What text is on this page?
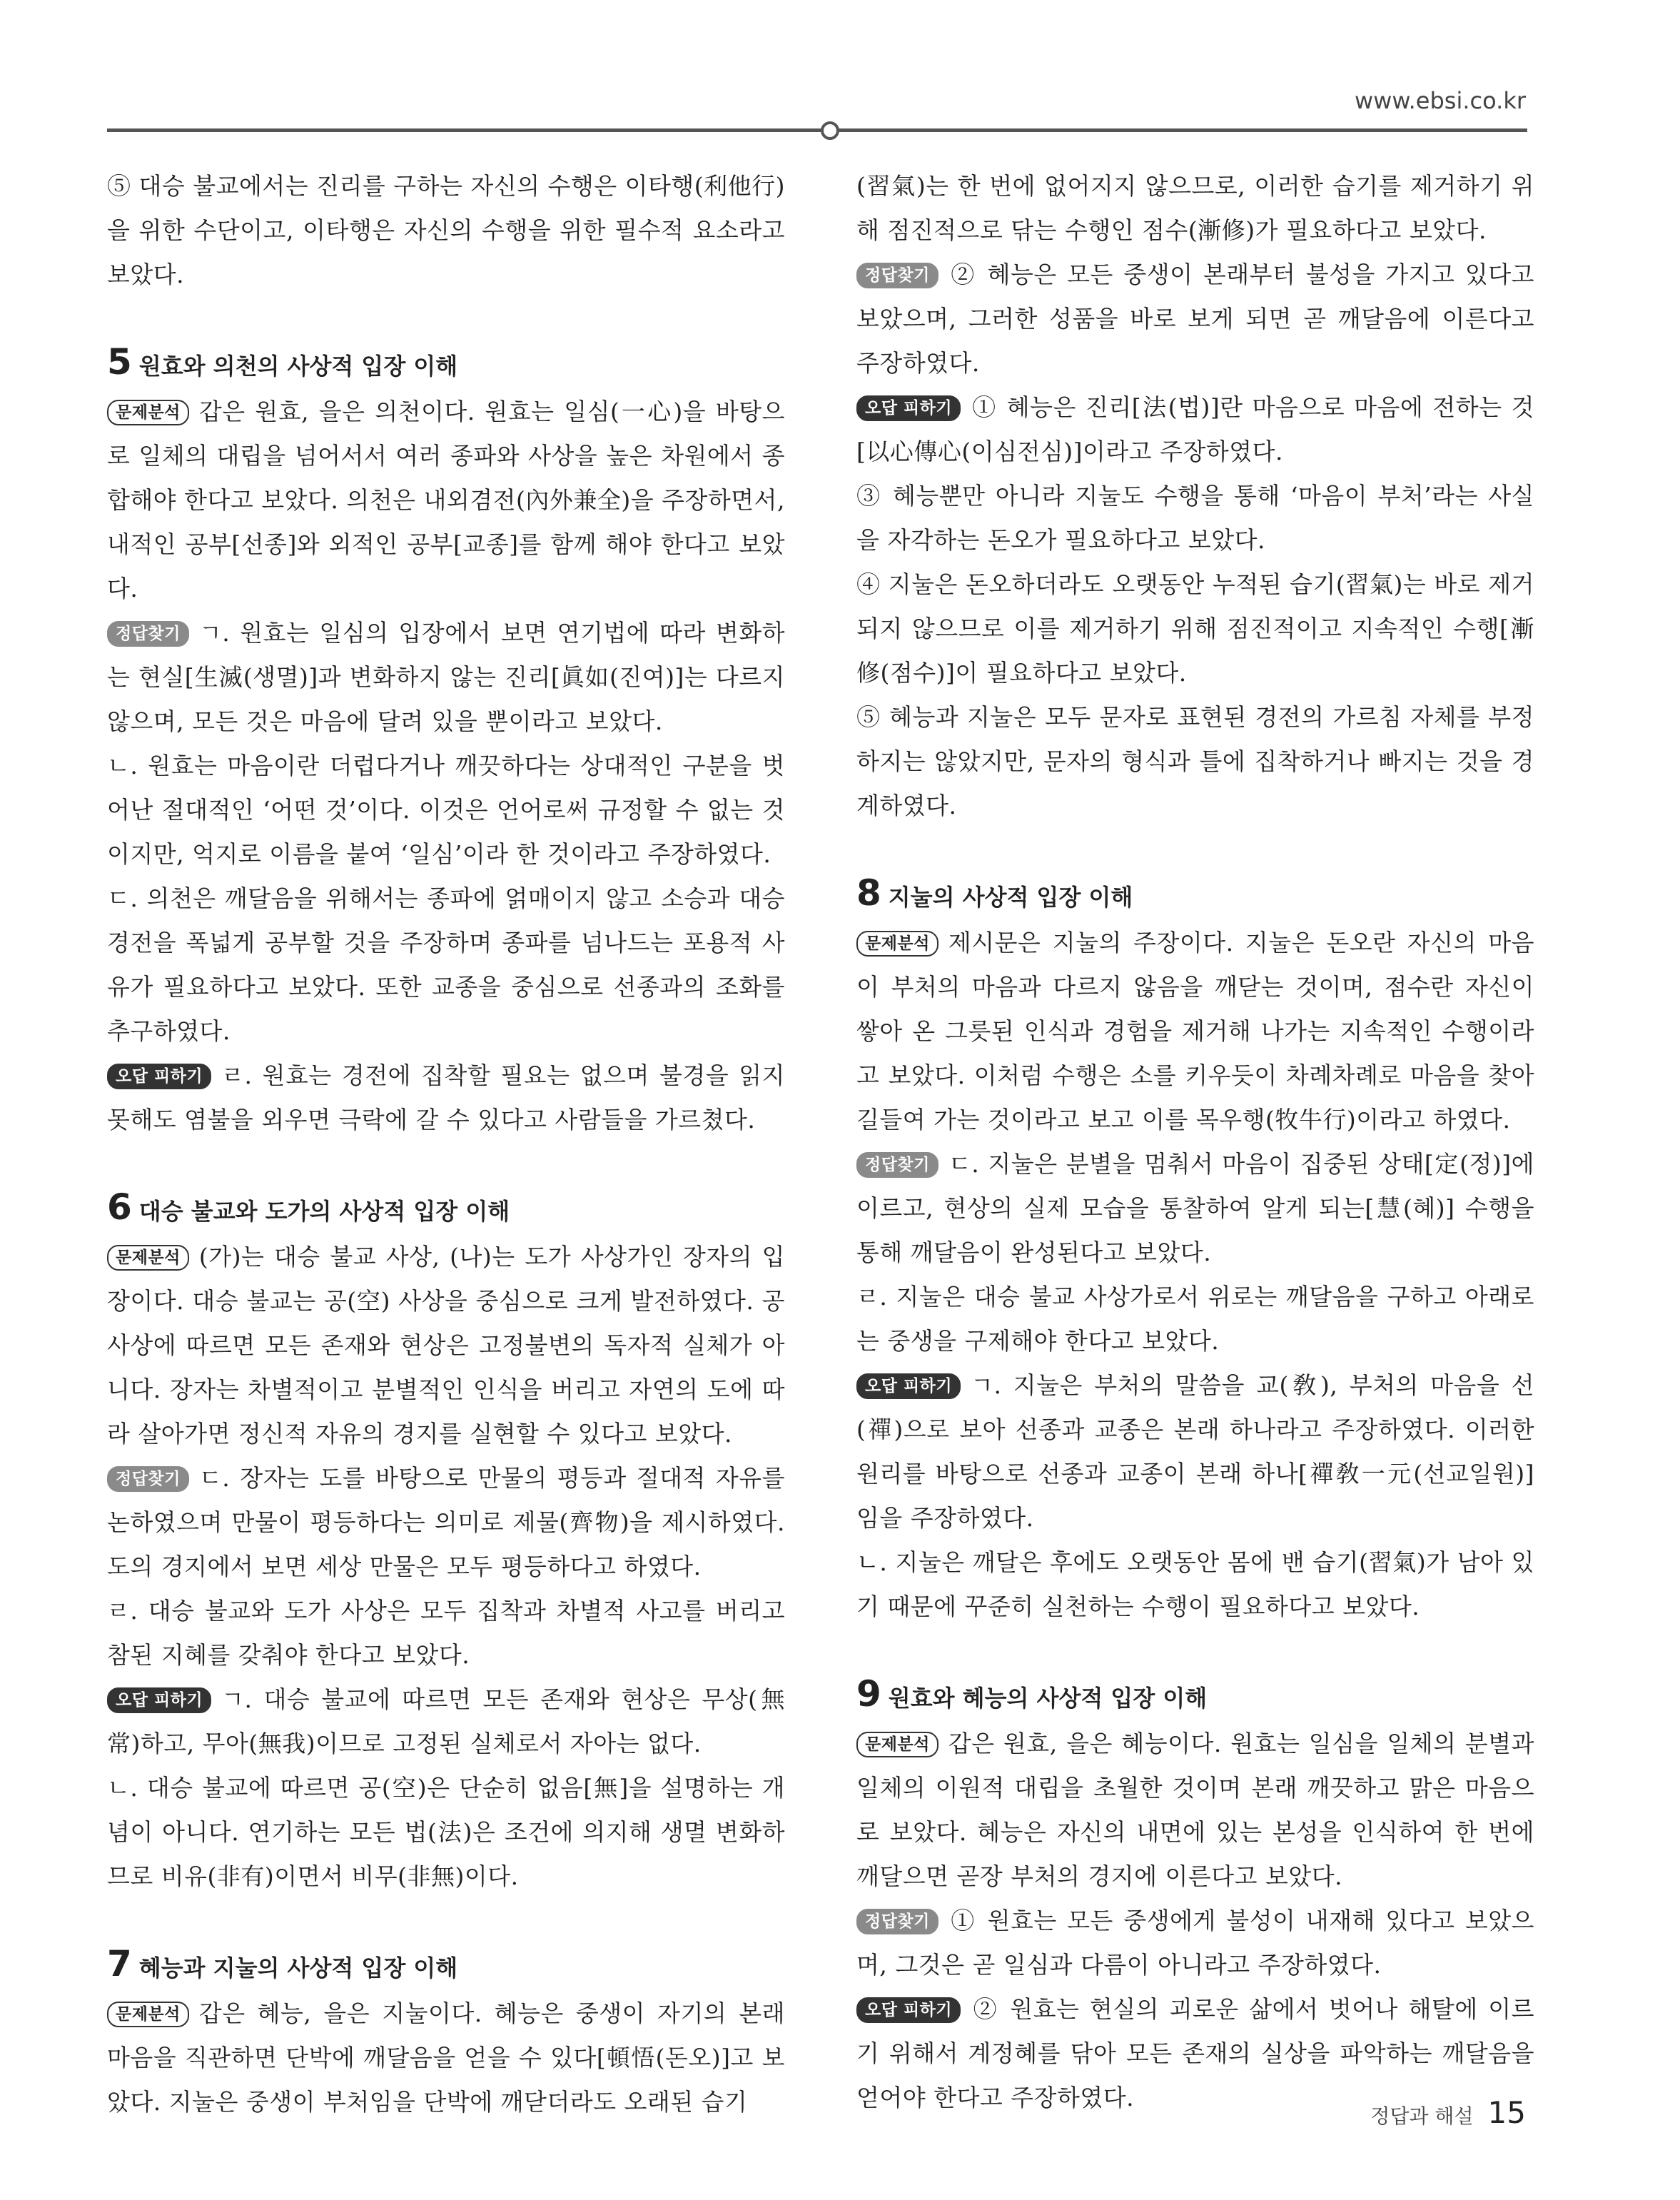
www.ebsi.co.kr

⑤ 대승 불교에서는 진리를 구하는 자신의 수행은 이타행(利他行)을 위한 수단이고, 이타행은 자신의 수행을 위한 필수적 요소라고 보았다.

5 원효와 의천의 사상적 입장 이해

문제분석 갑은 원효, 을은 의천이다. 원효는 일심(一心)을 바탕으로 일체의 대립을 넘어서서 여러 종파와 사상을 높은 차원에서 종합해야 한다고 보았다. 의천은 내외겸전(內外兼全)을 주장하면서, 내적인 공부[선종]와 외적인 공부[교종]를 함께 해야 한다고 보았다.

정답찾기 ㄱ. 원효는 일심의 입장에서 보면 연기법에 따라 변화하는 현실[生滅(생멸)]과 변화하지 않는 진리[眞如(진여)]는 다르지 않으며, 모든 것은 마음에 달려 있을 뿐이라고 보았다.

ㄴ. 원효는 마음이란 더럽다거나 깨끗하다는 상대적인 구분을 벗어난 절대적인 ‘어떤 것’이다. 이것은 언어로써 규정할 수 없는 것이지만, 억지로 이름을 붙여 ‘일심’이라 한 것이라고 주장하였다.

ㄷ. 의천은 깨달음을 위해서는 종파에 얽매이지 않고 소승과 대승 경전을 폭넓게 공부할 것을 주장하며 종파를 넘나드는 포용적 사유가 필요하다고 보았다. 또한 교종을 중심으로 선종과의 조화를 추구하였다.

오답 피하기 ㄹ. 원효는 경전에 집착할 필요는 없으며 불경을 읽지 못해도 염불을 외우면 극락에 갈 수 있다고 사람들을 가르쳤다.

6 대승 불교와 도가의 사상적 입장 이해

문제분석 (가)는 대승 불교 사상, (나)는 도가 사상가인 장자의 입장이다. 대승 불교는 공(空) 사상을 중심으로 크게 발전하였다. 공 사상에 따르면 모든 존재와 현상은 고정불변의 독자적 실체가 아니다. 장자는 차별적이고 분별적인 인식을 버리고 자연의 도에 따라 살아가면 정신적 자유의 경지를 실현할 수 있다고 보았다.

정답찾기 ㄷ. 장자는 도를 바탕으로 만물의 평등과 절대적 자유를 논하였으며 만물이 평등하다는 의미로 제물(齊物)을 제시하였다. 도의 경지에서 보면 세상 만물은 모두 평등하다고 하였다.

ㄹ. 대승 불교와 도가 사상은 모두 집착과 차별적 사고를 버리고 참된 지혜를 갖춰야 한다고 보았다.

오답 피하기 ㄱ. 대승 불교에 따르면 모든 존재와 현상은 무상(無常)하고, 무아(無我)이므로 고정된 실체로서 자아는 없다.

ㄴ. 대승 불교에 따르면 공(空)은 단순히 없음[無]을 설명하는 개념이 아니다. 연기하는 모든 법(法)은 조건에 의지해 생멸 변화하므로 비유(非有)이면서 비무(非無)이다.

7 혜능과 지눌의 사상적 입장 이해

문제분석 갑은 혜능, 을은 지눌이다. 혜능은 중생이 자기의 본래 마음을 직관하면 단박에 깨달음을 얻을 수 있다[頓悟(돈오)]고 보았다. 지눌은 중생이 부처임을 단박에 깨닫더라도 오래된 습기

(習氣)는 한 번에 없어지지 않으므로, 이러한 습기를 제거하기 위해 점진적으로 닦는 수행인 점수(漸修)가 필요하다고 보았다.

정답찾기 ② 혜능은 모든 중생이 본래부터 불성을 가지고 있다고 보았으며, 그러한 성품을 바로 보게 되면 곧 깨달음에 이른다고 주장하였다.

오답 피하기 ① 혜능은 진리[法(법)]란 마음으로 마음에 전하는 것[以心傳心(이심전심)]이라고 주장하였다.

③ 혜능뿐만 아니라 지눌도 수행을 통해 ‘마음이 부처’라는 사실을 자각하는 돈오가 필요하다고 보았다.

④ 지눌은 돈오하더라도 오랫동안 누적된 습기(習氣)는 바로 제거되지 않으므로 이를 제거하기 위해 점진적이고 지속적인 수행[漸修(점수)]이 필요하다고 보았다.

⑤ 혜능과 지눌은 모두 문자로 표현된 경전의 가르침 자체를 부정하지는 않았지만, 문자의 형식과 틀에 집착하거나 빠지는 것을 경계하였다.

8 지눌의 사상적 입장 이해

문제분석 제시문은 지눌의 주장이다. 지눌은 돈오란 자신의 마음이 부처의 마음과 다르지 않음을 깨닫는 것이며, 점수란 자신이 쌓아 온 그릇된 인식과 경험을 제거해 나가는 지속적인 수행이라고 보았다. 이처럼 수행은 소를 키우듯이 차례차례로 마음을 찾아 길들여 가는 것이라고 보고 이를 목우행(牧牛行)이라고 하였다.

정답찾기 ㄷ. 지눌은 분별을 멈춰서 마음이 집중된 상태[定(정)]에 이르고, 현상의 실제 모습을 통찰하여 알게 되는[慧(혜)] 수행을 통해 깨달음이 완성된다고 보았다.

ㄹ. 지눌은 대승 불교 사상가로서 위로는 깨달음을 구하고 아래로는 중생을 구제해야 한다고 보았다.

오답 피하기 ㄱ. 지눌은 부처의 말씀을 교(敎), 부처의 마음을 선(禪)으로 보아 선종과 교종은 본래 하나라고 주장하였다. 이러한 원리를 바탕으로 선종과 교종이 본래 하나[禪敎一元(선교일원)]임을 주장하였다.

ㄴ. 지눌은 깨달은 후에도 오랫동안 몸에 밴 습기(習氣)가 남아 있기 때문에 꾸준히 실천하는 수행이 필요하다고 보았다.

9 원효와 혜능의 사상적 입장 이해

문제분석 갑은 원효, 을은 혜능이다. 원효는 일심을 일체의 분별과 일체의 이원적 대립을 초월한 것이며 본래 깨끗하고 맑은 마음으로 보았다. 혜능은 자신의 내면에 있는 본성을 인식하여 한 번에 깨달으면 곧장 부처의 경지에 이른다고 보았다.

정답찾기 ① 원효는 모든 중생에게 불성이 내재해 있다고 보았으며, 그것은 곧 일심과 다름이 아니라고 주장하였다.

오답 피하기 ② 원효는 현실의 괴로운 삶에서 벗어나 해탈에 이르기 위해서 계정혜를 닦아 모든 존재의 실상을 파악하는 깨달음을 얻어야 한다고 주장하였다.

정답과 해설 15
